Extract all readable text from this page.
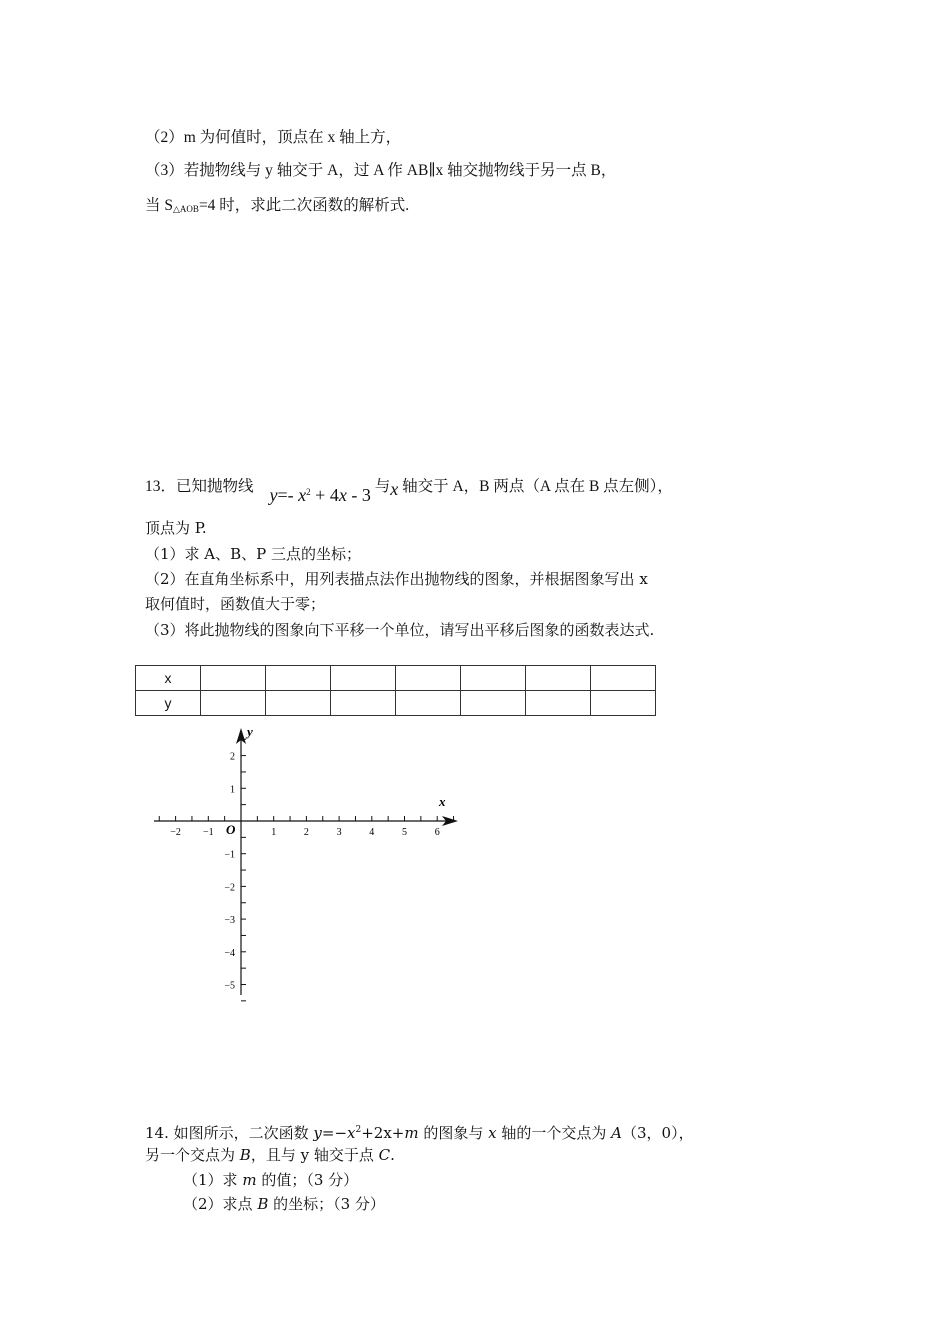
（2）m 为何值时，顶点在 x 轴上方，
（3）若抛物线与 y 轴交于 A，过 A 作 AB∥x 轴交抛物线于另一点 B，
当 $S_{\triangle AOB}=4$ 时，求此二次函数的解析式.
13．已知抛物线 y=- $x^2 + 4x - 3$ 与x 轴交于 A，B 两点（A 点在 B 点左侧），
顶点为 P.
（1）求 A、B、P 三点的坐标；
（2）在直角坐标系中，用列表描点法作出抛物线的图象，并根据图象写出 x
取何值时，函数值大于零；
（3）将此抛物线的图象向下平移一个单位，请写出平移后图象的函数表达式.
x							
y							
−2 −1	1	2	3	4	5	6
2
1
−1
−2
−3
−4
−5
x
y
O
14. 如图所示，二次函数 $y=-x^2+2x+m$ 的图象与 x 轴的一个交点为 A（3，0），
另一个交点为 B，且与 y 轴交于点 C.
（1）求 m 的值；（3 分）
（2）求点 B 的坐标；（3 分）
